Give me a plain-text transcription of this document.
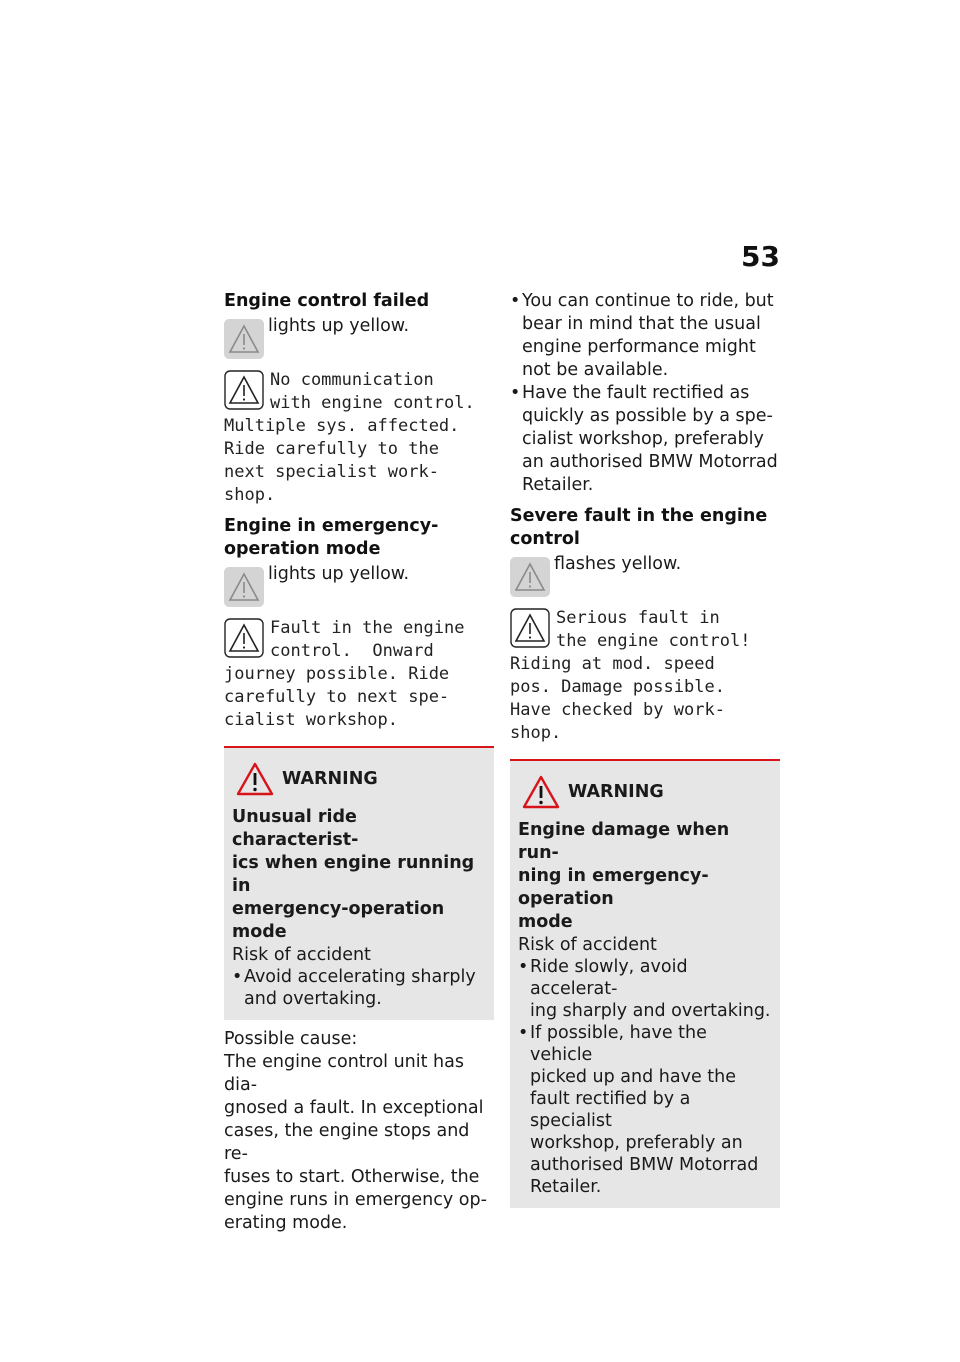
53
Engine control failed
lights up yellow.
No communication
with engine control.
Multiple sys. affected.
Ride carefully to the
next specialist work-
shop.
Engine in emergency-
operation mode
lights up yellow.
Fault in the engine
control.  Onward
journey possible. Ride
carefully to next spe-
cialist workshop.
WARNING
Unusual ride characterist-
ics when engine running in
emergency-operation mode
Risk of accident
• Avoid accelerating sharply
and overtaking.
Possible cause:
The engine control unit has dia-
gnosed a fault. In exceptional
cases, the engine stops and re-
fuses to start. Otherwise, the
engine runs in emergency op-
erating mode.
• You can continue to ride, but
bear in mind that the usual
engine performance might
not be available.
• Have the fault rectified as
quickly as possible by a spe-
cialist workshop, preferably
an authorised BMW Motorrad
Retailer.
Severe fault in the engine
control
flashes yellow.
Serious fault in
the engine control!
Riding at mod. speed
pos. Damage possible.
Have checked by work-
shop.
WARNING
Engine damage when run-
ning in emergency-operation
mode
Risk of accident
• Ride slowly, avoid accelerat-
ing sharply and overtaking.
• If possible, have the vehicle
picked up and have the
fault rectified by a specialist
workshop, preferably an
authorised BMW Motorrad
Retailer.
